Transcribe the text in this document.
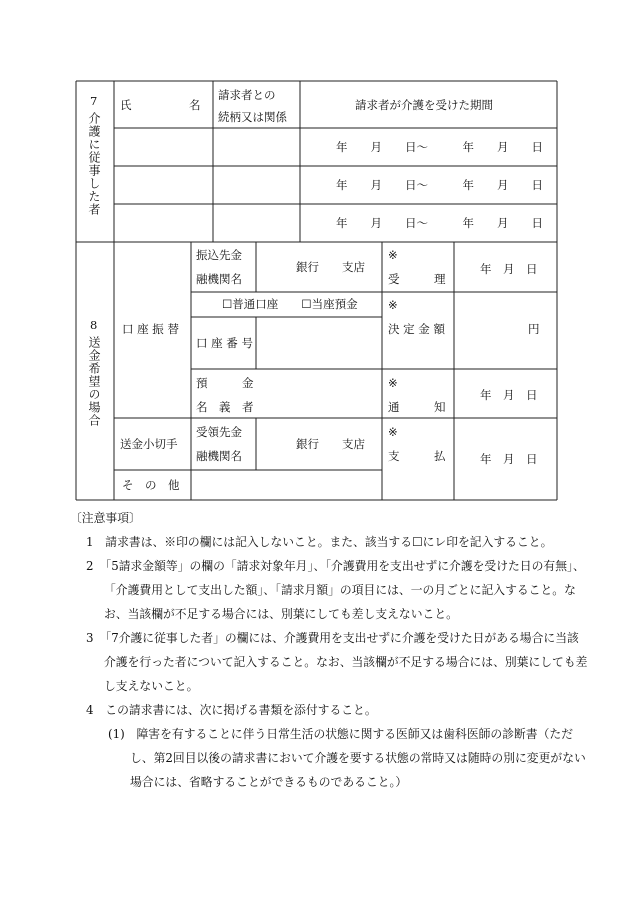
7
介護に従事した者
氏　　　　　名
請求者との
続柄又は関係
請求者が介護を受けた期間
年　　月　　日〜　　　年　　月　　日
年　　月　　日〜　　　年　　月　　日
年　　月　　日〜　　　年　　月　　日
8
送金希望の場合
口 座 振 替
送金小切手
そ　の　他
振込先金
融機関名
銀行　　支店
☐普通口座　　☐当座預金
口 座 番 号
預　　　金
名　義　者
受領先金
融機関名
銀行　　支店
※
受　　　理
年　月　日
※
決 定 金 額	円
※
通　　　知
年　月　日
※
支　　　払	年　月　日

〔注意事項〕

1　請求書は、※印の欄には記入しないこと。また、該当する☐にレ印を記入すること。

2　「5請求金額等」の欄の「請求対象年月」、「介護費用を支出せずに介護を受けた日の有無」、「介護費用として支出した額」、「請求月額」の項目には、一の月ごとに記入すること。なお、当該欄が不足する場合には、別葉にしても差し支えないこと。

3　「7介護に従事した者」の欄には、介護費用を支出せずに介護を受けた日がある場合に当該介護を行った者について記入すること。なお、当該欄が不足する場合には、別葉にしても差し支えないこと。

4　この請求書には、次に掲げる書類を添付すること。

(1)　障害を有することに伴う日常生活の状態に関する医師又は歯科医師の診断書（ただし、第2回目以後の請求書において介護を要する状態の常時又は随時の別に変更がない場合には、省略することができるものであること。）
